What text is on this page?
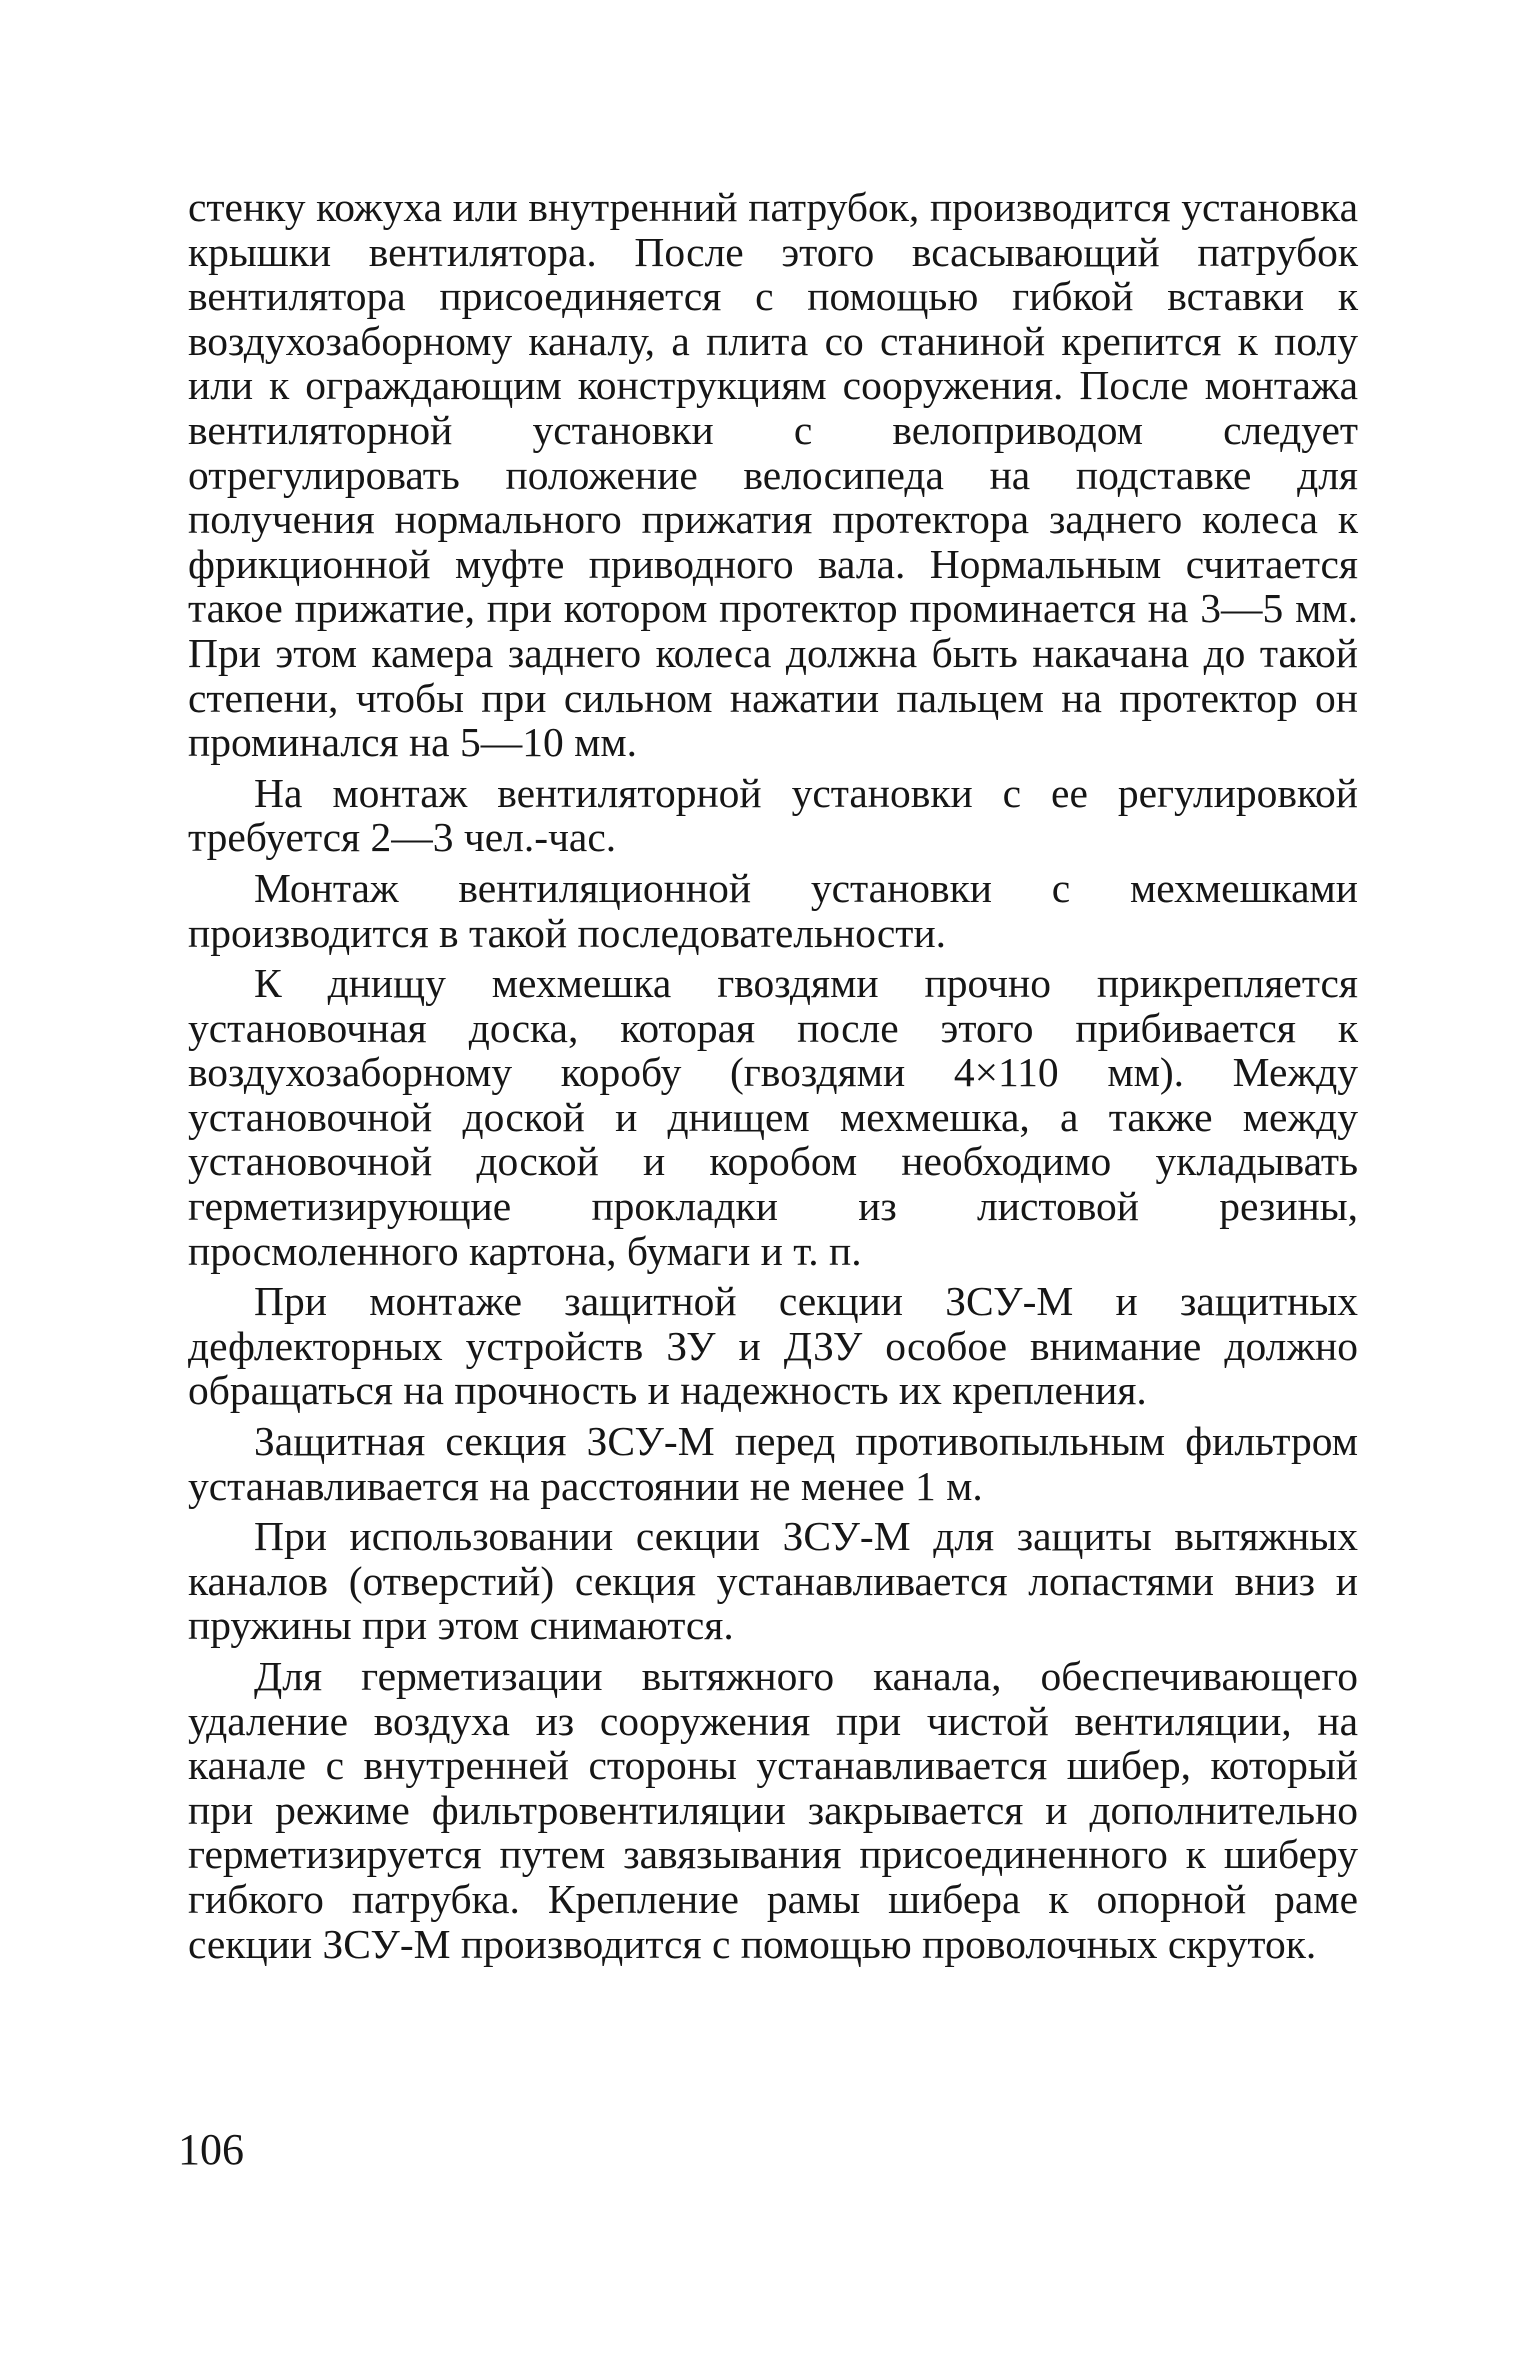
стенку кожуха или внутренний патрубок, производится установка крышки вентилятора. После этого всасывающий патрубок вентилятора присоединяется с помощью гибкой вставки к воздухозаборному каналу, а плита со станиной крепится к полу или к ограждающим конструкциям сооружения. После монтажа вентиляторной установки с велоприводом следует отрегулировать положение велосипеда на подставке для получения нормального прижатия протектора заднего колеса к фрикционной муфте приводного вала. Нормальным считается такое прижатие, при котором протектор проминается на 3—5 мм. При этом камера заднего колеса должна быть накачана до такой степени, чтобы при сильном нажатии пальцем на протектор он проминался на 5—10 мм.

На монтаж вентиляторной установки с ее регулировкой требуется 2—3 чел.-час.

Монтаж вентиляционной установки с мехмешками производится в такой последовательности.

К днищу мехмешка гвоздями прочно прикрепляется установочная доска, которая после этого прибивается к воздухозаборному коробу (гвоздями 4×110 мм). Между установочной доской и днищем мехмешка, а также между установочной доской и коробом необходимо укладывать герметизирующие прокладки из листовой резины, просмоленного картона, бумаги и т. п.

При монтаже защитной секции ЗСУ-М и защитных дефлекторных устройств ЗУ и ДЗУ особое внимание должно обращаться на прочность и надежность их крепления.

Защитная секция ЗСУ-М перед противопыльным фильтром устанавливается на расстоянии не менее 1 м.

При использовании секции ЗСУ-М для защиты вытяжных каналов (отверстий) секция устанавливается лопастями вниз и пружины при этом снимаются.

Для герметизации вытяжного канала, обеспечивающего удаление воздуха из сооружения при чистой вентиляции, на канале с внутренней стороны устанавливается шибер, который при режиме фильтровентиляции закрывается и дополнительно герметизируется путем завязывания присоединенного к шиберу гибкого патрубка. Крепление рамы шибера к опорной раме секции ЗСУ-М производится с помощью проволочных скруток.

106
